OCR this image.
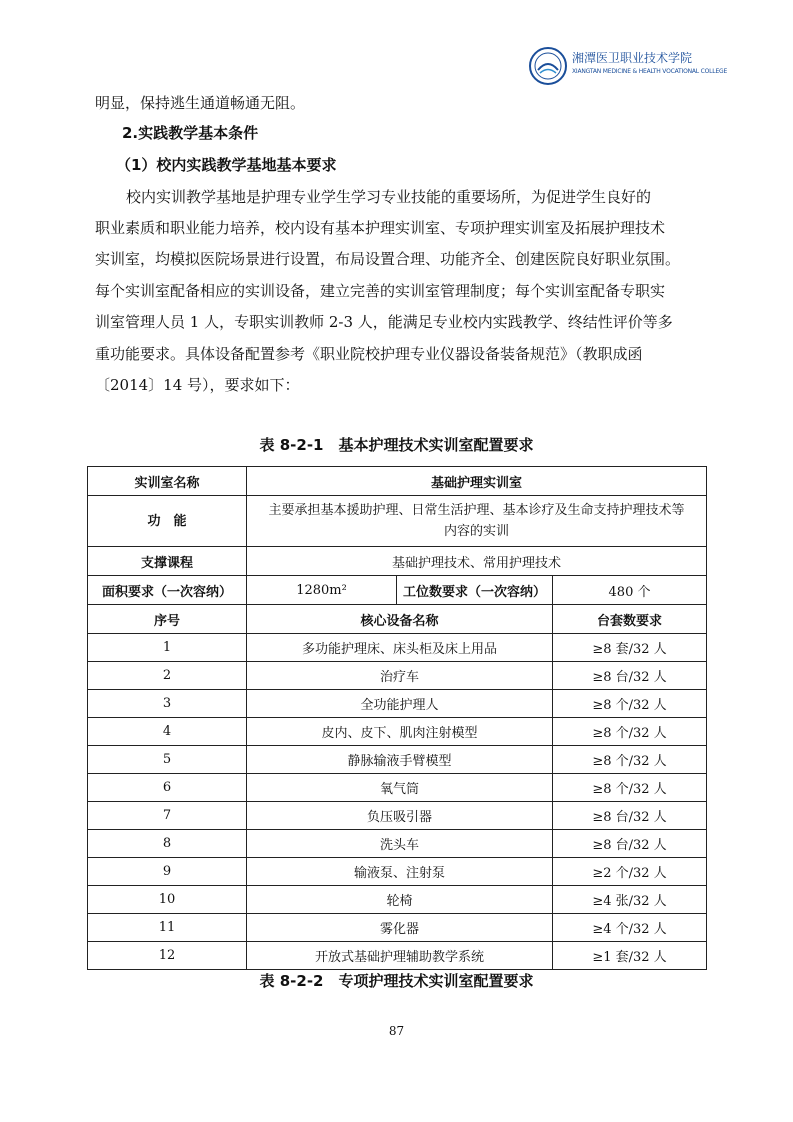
湘潭医卫职业技术学院
XIANGTAN MEDICINE & HEALTH VOCATIONAL COLLEGE
明显，保持逃生通道畅通无阻。
2.实践教学基本条件
（1）校内实践教学基地基本要求
校内实训教学基地是护理专业学生学习专业技能的重要场所，为促进学生良好的
职业素质和职业能力培养，校内设有基本护理实训室、专项护理实训室及拓展护理技术
实训室，均模拟医院场景进行设置，布局设置合理、功能齐全、创建医院良好职业氛围。
每个实训室配备相应的实训设备，建立完善的实训室管理制度；每个实训室配备专职实
训室管理人员 1 人，专职实训教师 2-3 人，能满足专业校内实践教学、终结性评价等多
重功能要求。具体设备配置参考《职业院校护理专业仪器设备装备规范》（教职成函
〔2014〕14 号），要求如下：
表 8-2-1　基本护理技术实训室配置要求
实训室名称	基础护理实训室		
功　能	主要承担基本援助护理、日常生活护理、基本诊疗及生命支持护理技术等
内容的实训		
支撑课程	基础护理技术、常用护理技术		
面积要求（一次容纳）	1280m²	工位数要求（一次容纳）	480 个
序号	核心设备名称		台套数要求
1	多功能护理床、床头柜及床上用品		≥8 套/32 人
2	治疗车		≥8 台/32 人
3	全功能护理人		≥8 个/32 人
4	皮内、皮下、肌肉注射模型		≥8 个/32 人
5	静脉输液手臂模型		≥8 个/32 人
6	氧气筒		≥8 个/32 人
7	负压吸引器		≥8 台/32 人
8	洗头车		≥8 台/32 人
9	输液泵、注射泵		≥2 个/32 人
10	轮椅		≥4 张/32 人
11	雾化器		≥4 个/32 人
12	开放式基础护理辅助教学系统		≥1 套/32 人
表 8-2-2　专项护理技术实训室配置要求
87
